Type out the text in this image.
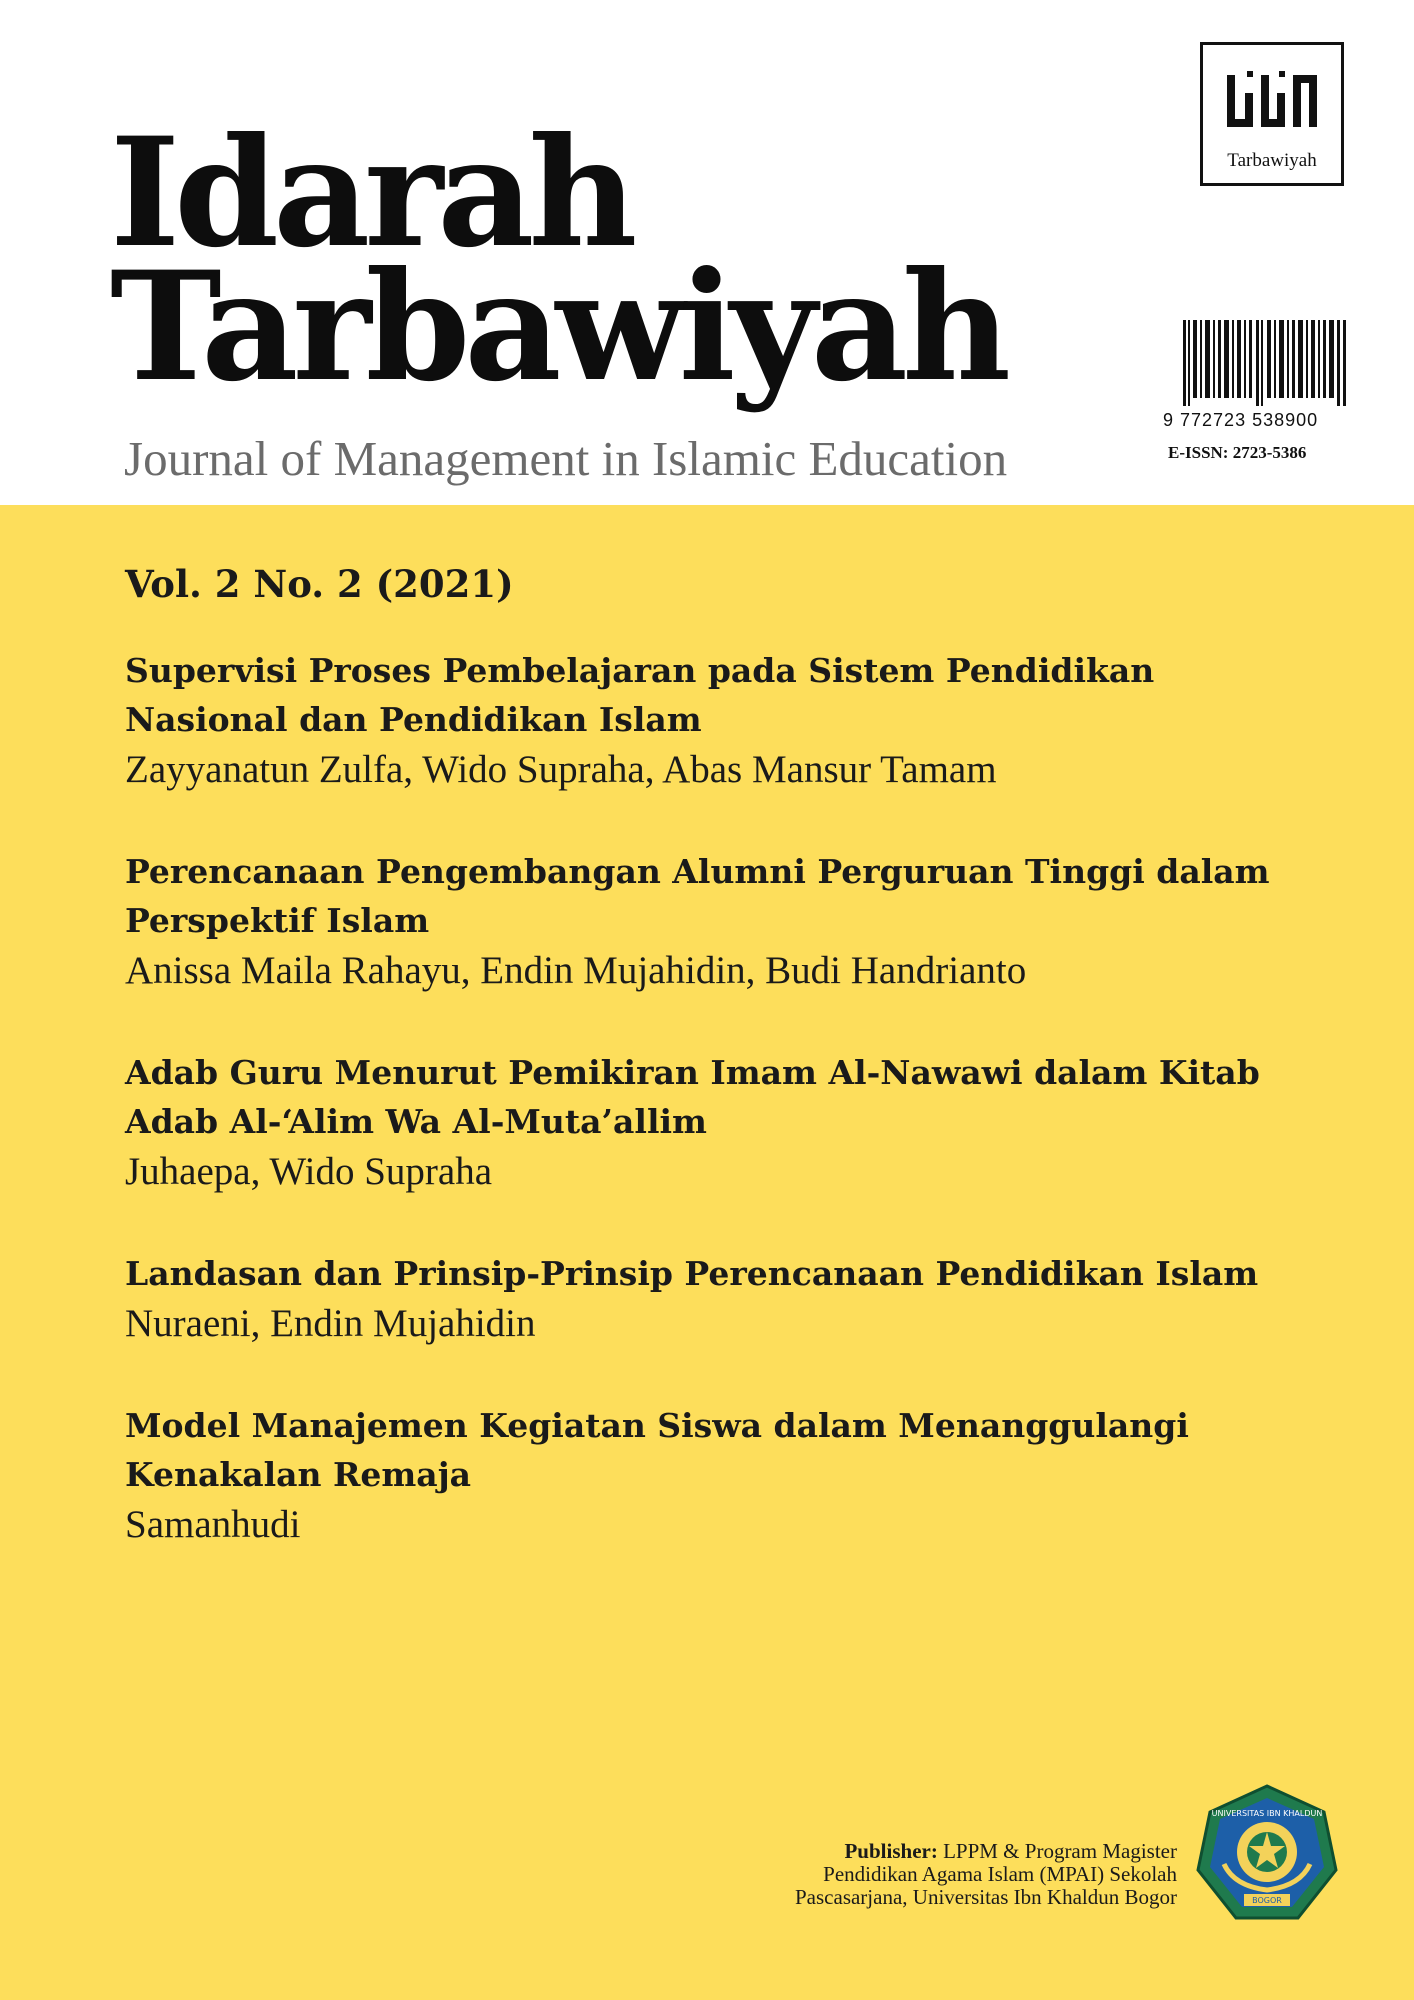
Idarah
Tarbawiyah
Journal of Management in Islamic Education
Tarbawiyah
9 772723 538900
E-ISSN: 2723-5386
Vol. 2 No. 2 (2021)
Supervisi Proses Pembelajaran pada Sistem Pendidikan Nasional dan Pendidikan Islam
Zayyanatun Zulfa, Wido Supraha, Abas Mansur Tamam
Perencanaan Pengembangan Alumni Perguruan Tinggi dalam Perspektif Islam
Anissa Maila Rahayu, Endin Mujahidin, Budi Handrianto
Adab Guru Menurut Pemikiran Imam Al-Nawawi dalam Kitab Adab Al-‘Alim Wa Al-Muta’allim
Juhaepa, Wido Supraha
Landasan dan Prinsip-Prinsip Perencanaan Pendidikan Islam
Nuraeni, Endin Mujahidin
Model Manajemen Kegiatan Siswa dalam Menanggulangi Kenakalan Remaja
Samanhudi
Publisher: LPPM & Program Magister
Pendidikan Agama Islam (MPAI) Sekolah
Pascasarjana, Universitas Ibn Khaldun Bogor
UNIVERSITAS IBN KHALDUN
BOGOR
